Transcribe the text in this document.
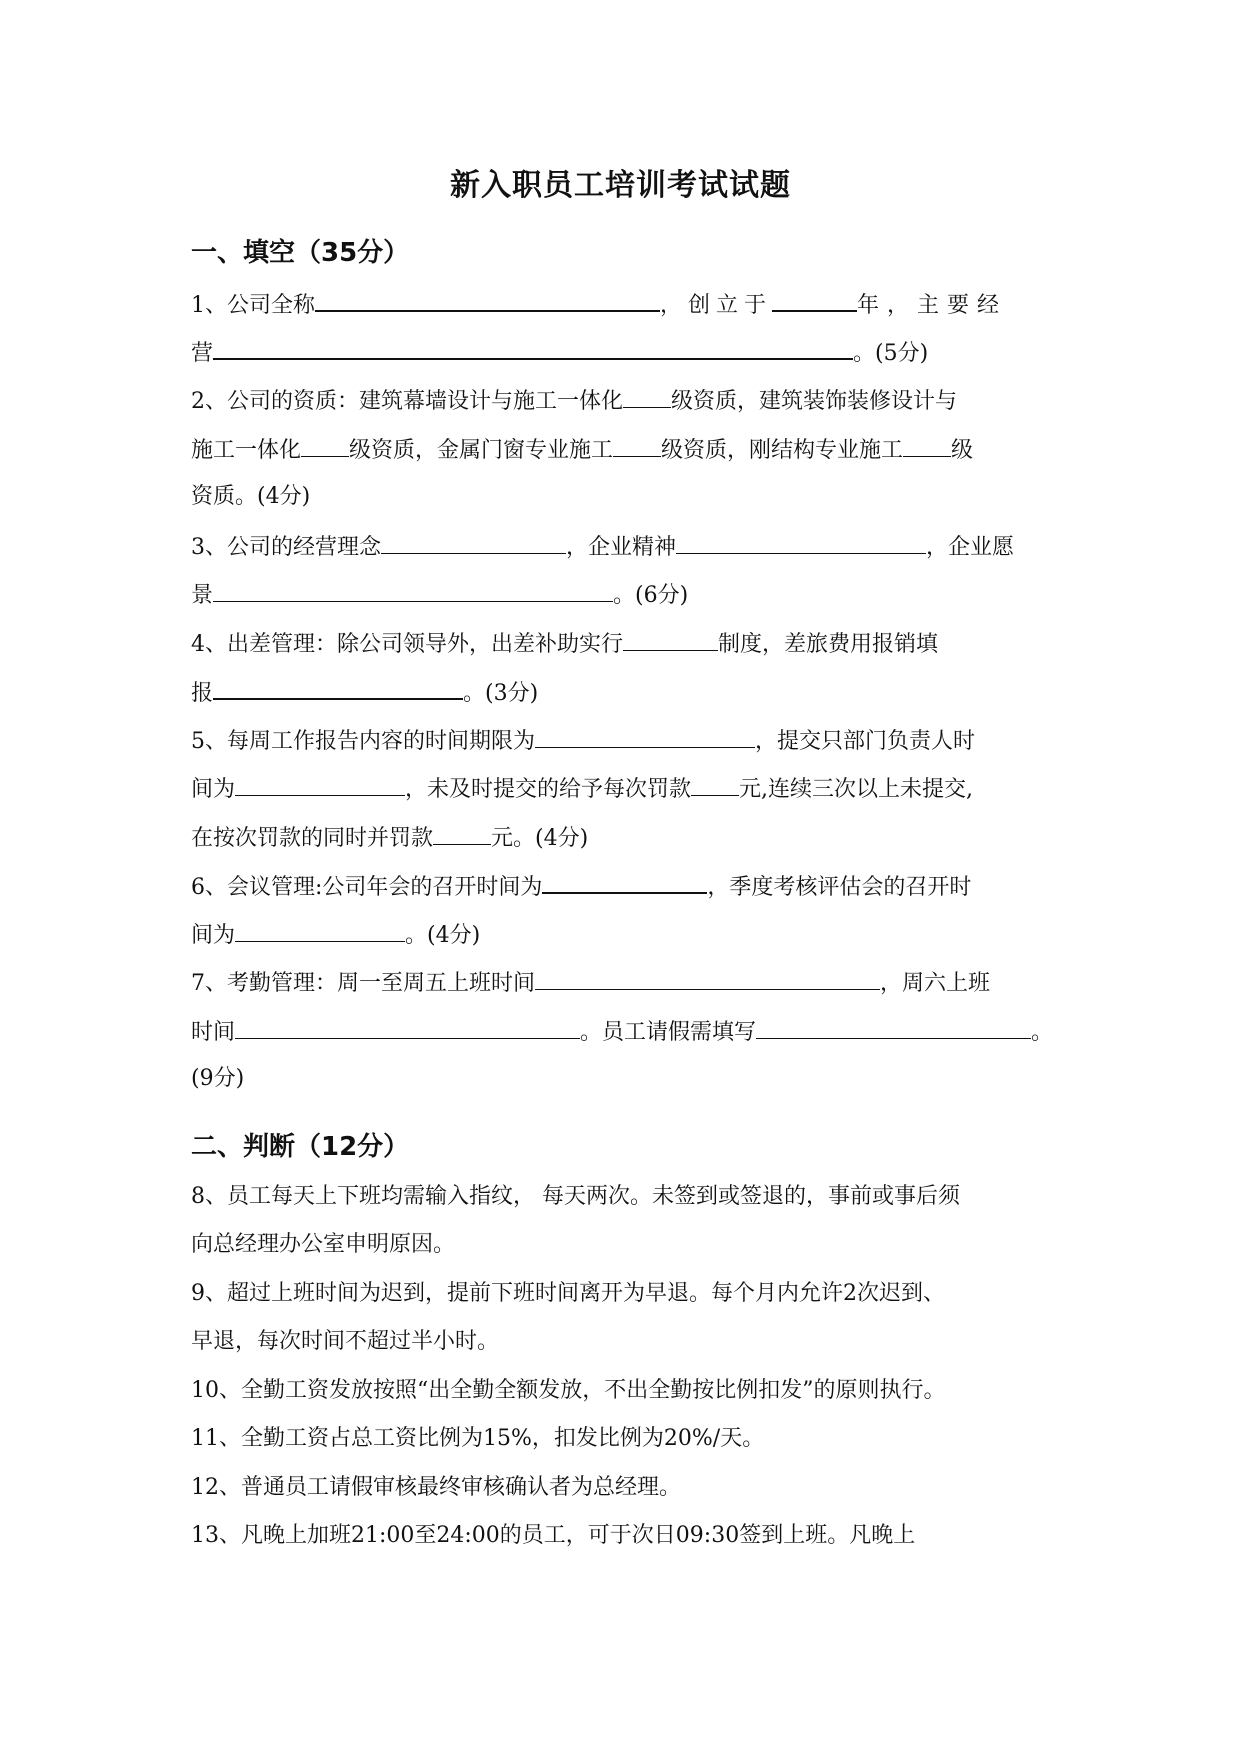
新入职员工培训考试试题
一、填空（35分）
1、公司全称	，创立于	年，主要经
营	。(5分)
2、公司的资质：建筑幕墙设计与施工一体化 级资质，建筑装饰装修设计与
施工一体化 级资质，金属门窗专业施工 级资质，刚结构专业施工 级
资质。(4分)
3、公司的经营理念	，企业精神	，企业愿
景	。(6分)
4、出差管理：除公司领导外，出差补助实行	制度，差旅费用报销填
报	。(3分)
5、每周工作报告内容的时间期限为	，提交只部门负责人时
间为	，未及时提交的给予每次罚款 元,连续三次以上未提交,
在按次罚款的同时并罚款	元。(4分)
6、会议管理:公司年会的召开时间为	，季度考核评估会的召开时
间为	。(4分)
7、考勤管理：周一至周五上班时间	，周六上班
时间	。员工请假需填写	。
(9分)
二、判断（12分）
8、员工每天上下班均需输入指纹， 每天两次。未签到或签退的，事前或事后须
向总经理办公室申明原因。
9、超过上班时间为迟到，提前下班时间离开为早退。每个月内允许2次迟到、
早退，每次时间不超过半小时。
10、全勤工资发放按照“出全勤全额发放，不出全勤按比例扣发”的原则执行。
11、全勤工资占总工资比例为15%，扣发比例为20%/天。
12、普通员工请假审核最终审核确认者为总经理。
13、凡晚上加班21:00至24:00的员工，可于次日09:30签到上班。凡晚上
